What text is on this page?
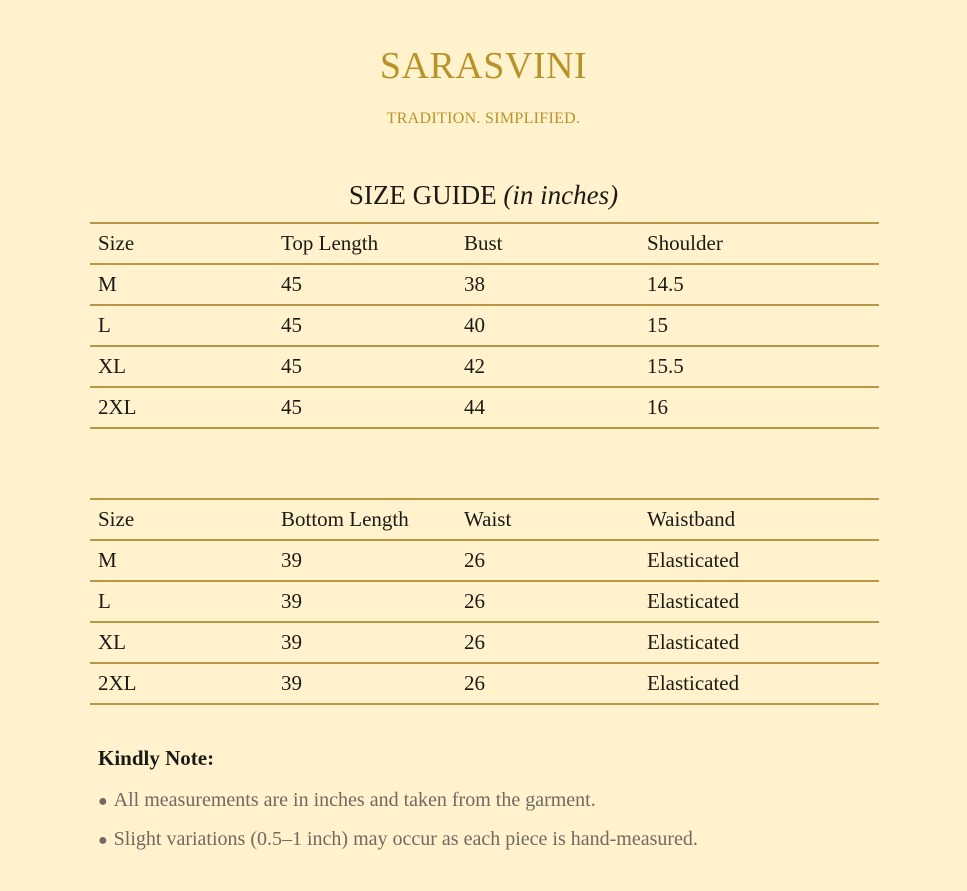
SARASVINI
TRADITION. SIMPLIFIED.
SIZE GUIDE (in inches)
Size	Top Length	Bust	Shoulder
M	45	38	14.5
L	45	40	15
XL	45	42	15.5
2XL	45	44	16
Size	Bottom Length	Waist	Waistband
M	39	26	Elasticated
L	39	26	Elasticated
XL	39	26	Elasticated
2XL	39	26	Elasticated
Kindly Note:
● All measurements are in inches and taken from the garment.
● Slight variations (0.5–1 inch) may occur as each piece is hand-measured.
